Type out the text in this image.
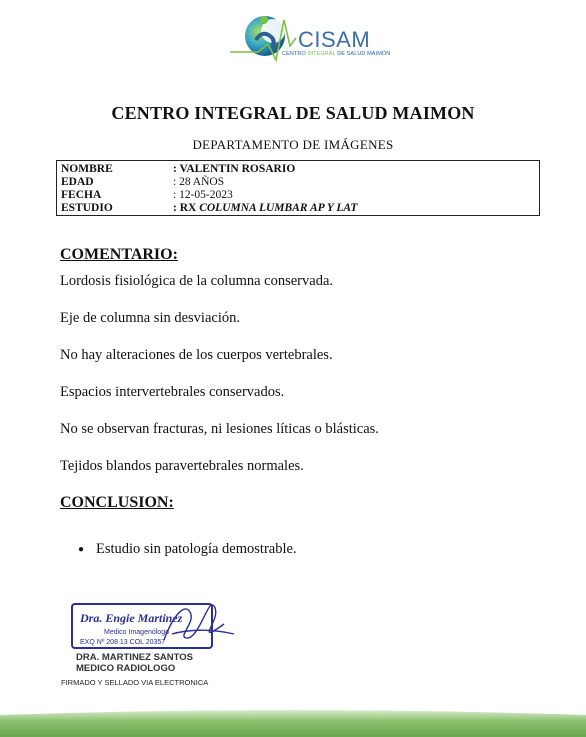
CISAM
CENTRO INTEGRAL DE SALUD MAIMÓN
CENTRO INTEGRAL DE SALUD MAIMON
DEPARTAMENTO DE IMÁGENES
NOMBRE	: VALENTIN ROSARIO
EDAD	: 28 AÑOS
FECHA	: 12-05-2023
ESTUDIO	: RX COLUMNA LUMBAR AP Y LAT
COMENTARIO:
Lordosis fisiológica de la columna conservada.
Eje de columna sin desviación.
No hay alteraciones de los cuerpos vertebrales.
Espacios intervertebrales conservados.
No se observan fracturas, ni lesiones líticas o blásticas.
Tejidos blandos paravertebrales normales.
CONCLUSION:
● Estudio sin patología demostrable.
Dra. Engie Martinez
Medico Imagenólogo
EXQ Nº 208 13 COL 20357
DRA. MARTINEZ SANTOS
MEDICO RADIOLOGO
FIRMADO Y SELLADO VIA ELECTRONICA
